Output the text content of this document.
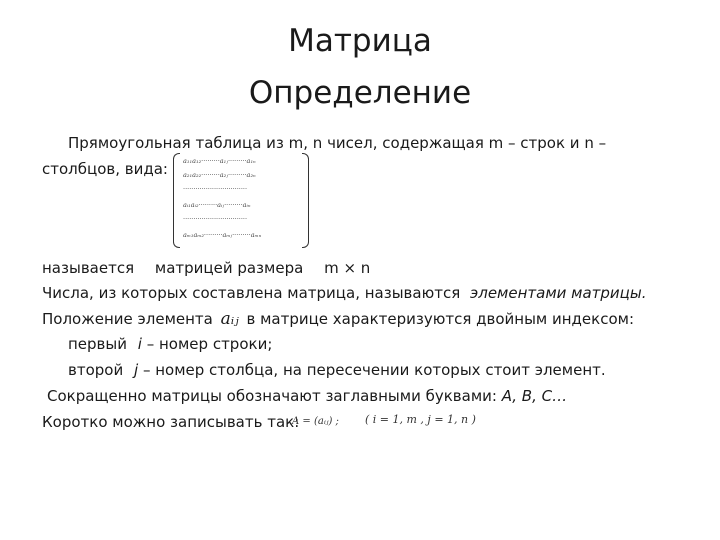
Матрица
Определение
Прямоугольная таблица из m, n чисел, содержащая m – строк и n –
столбцов, вида: a₁₁a₁₂·········a₁ⱼ·········a₁ₙ
a₂₁a₂₂·········a₂ⱼ·········a₂ₙ
·······························
aᵢ₁aᵢ₂·········aᵢⱼ·········aᵢₙ
·······························
aₘ₁aₘ₂·········aₘⱼ·········aₘₙ
называется матрицей размера m × n
Числа, из которых составлена матрица, называются элементами матрицы.
Положение элемента aᵢⱼ в матрице характеризуются двойным индексом:
первый i – номер строки;
второй j – номер столбца, на пересечении которых стоит элемент.
Сокращенно матрицы обозначают заглавными буквами: A, B, C…
Коротко можно записывать так:
A = (aᵢⱼ) ; ( i = 1, m , j = 1, n )
